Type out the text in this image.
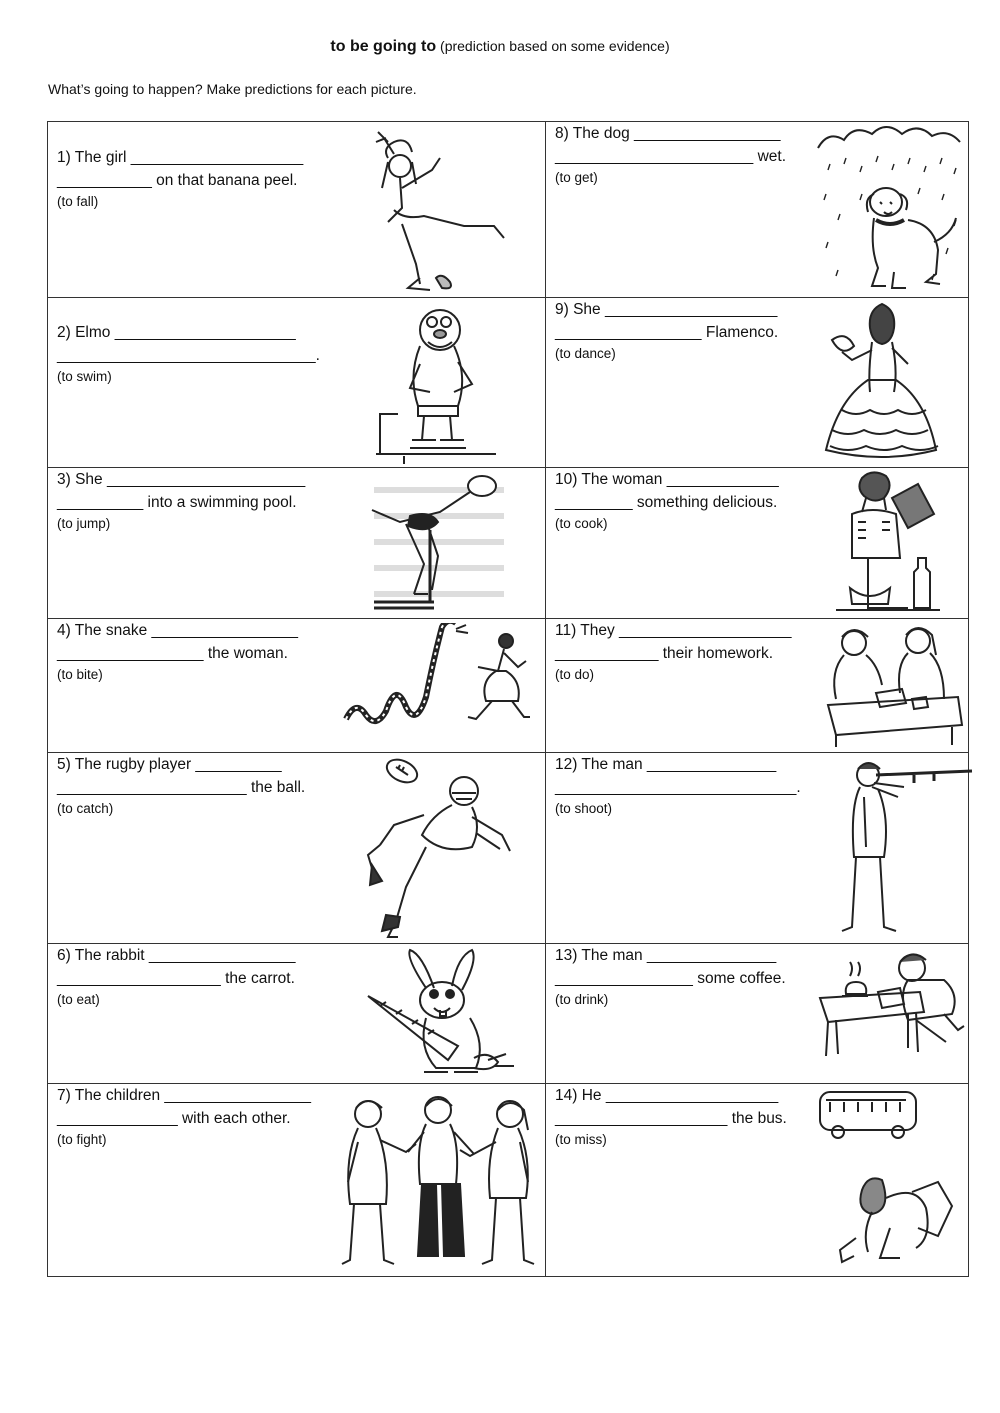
to be going to (prediction based on some evidence)
What’s going to happen? Make predictions for each picture.
1) The girl ____________________
___________ on that banana peel.

(to fall)
8) The dog _________________
_______________________ wet.

(to get)
2) Elmo _____________________
______________________________.

(to swim)
9) She ____________________
_________________ Flamenco.

(to dance)
3) She _______________________
__________ into a swimming pool.

(to jump)
10) The woman _____________
_________ something delicious.

(to cook)
4) The snake _________________
_________________ the woman.

(to bite)
11) They ____________________
____________ their homework.

(to do)
5) The rugby player __________
______________________ the ball.

(to catch)
12) The man _______________
____________________________.

(to shoot)
6) The rabbit _________________
___________________ the carrot.

(to eat)
13) The man _______________
________________ some coffee.

(to drink)
7) The children _________________
______________ with each other.

(to fight)
14) He ____________________
____________________ the bus.

(to miss)
